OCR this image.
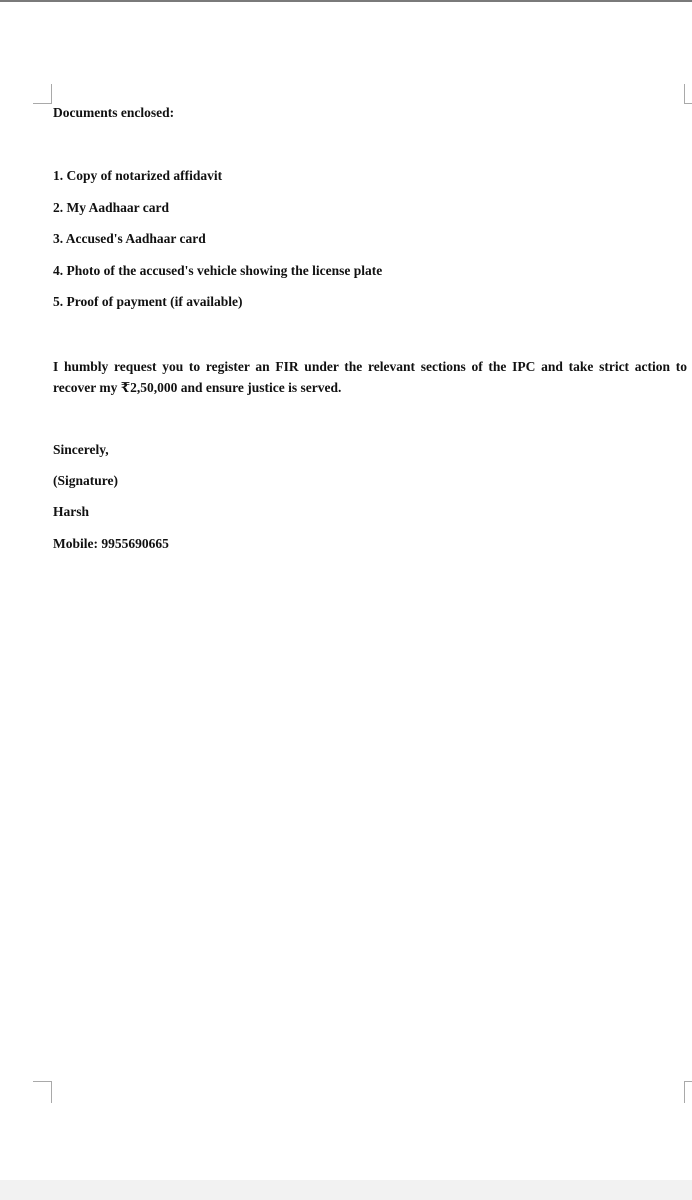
Documents enclosed:

1. Copy of notarized affidavit

2. My Aadhaar card

3. Accused's Aadhaar card

4. Photo of the accused's vehicle showing the license plate

5. Proof of payment (if available)

I humbly request you to register an FIR under the relevant sections of the IPC and take strict action to recover my ₹2,50,000 and ensure justice is served.

Sincerely,

(Signature)

Harsh

Mobile: 9955690665
